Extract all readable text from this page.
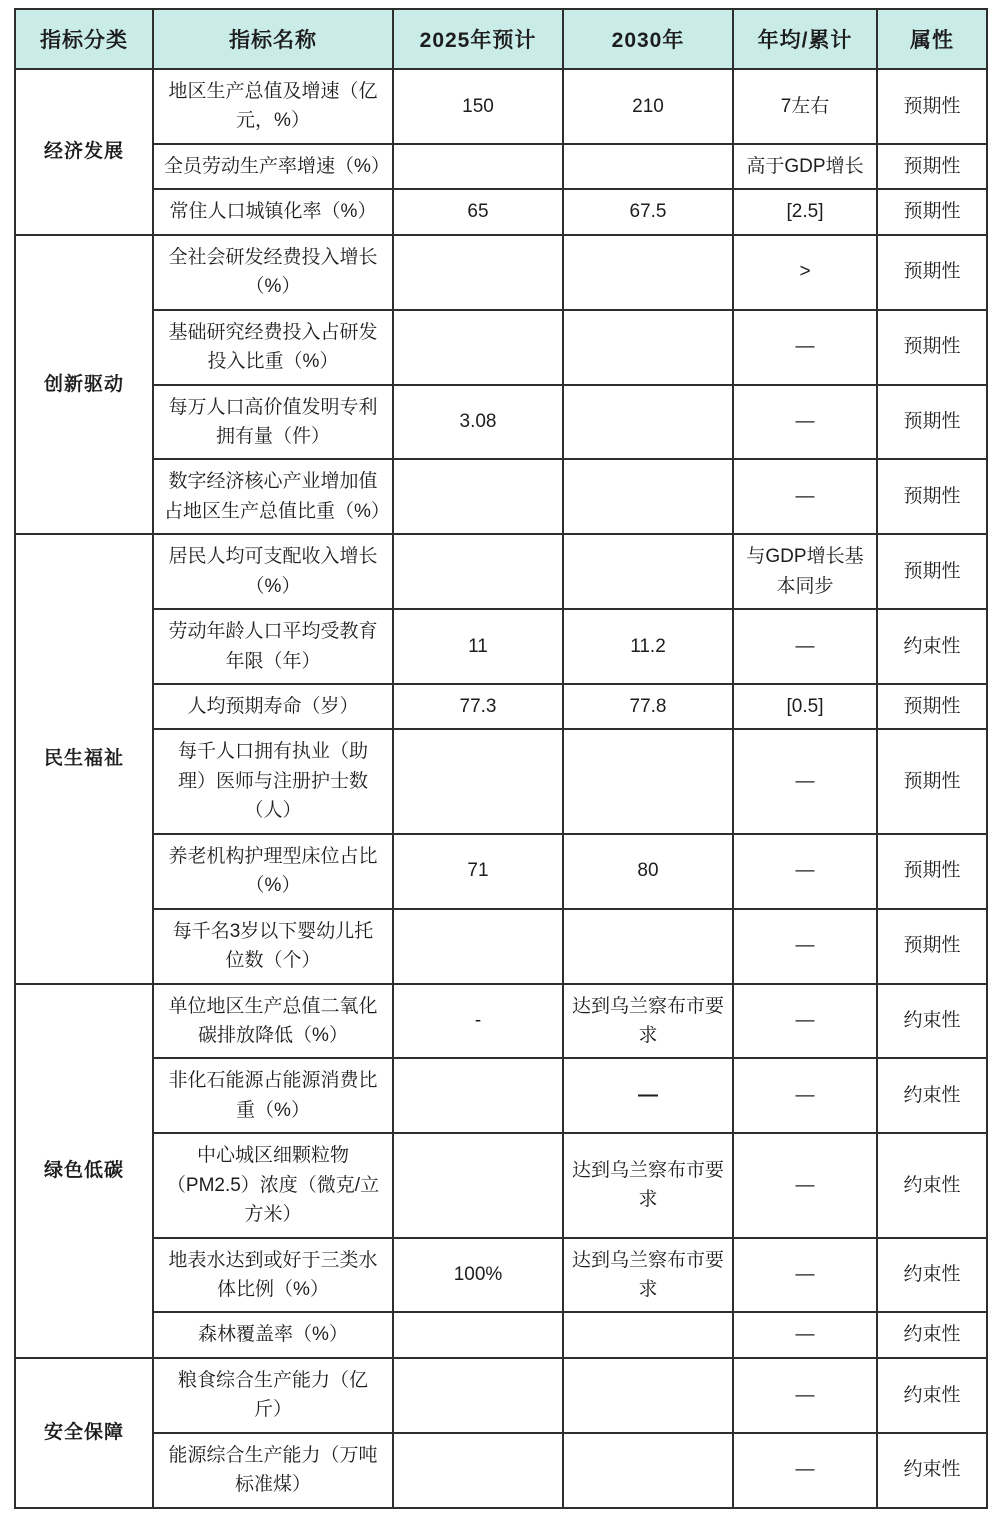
指标分类	指标名称	2025年预计	2030年	年均/累计	属性
经济发展	地区生产总值及增速（亿元，%）	150	210	7左右	预期性
	全员劳动生产率增速（%）			高于GDP增长	预期性
	常住人口城镇化率（%）	65	67.5	[2.5]	预期性
创新驱动	全社会研发经费投入增长（%）			>	预期性
	基础研究经费投入占研发投入比重（%）			—	预期性
	每万人口高价值发明专利拥有量（件）	3.08		—	预期性
	数字经济核心产业增加值占地区生产总值比重（%）			—	预期性
民生福祉	居民人均可支配收入增长（%）			与GDP增长基本同步	预期性
	劳动年龄人口平均受教育年限（年）	11	11.2	—	约束性
	人均预期寿命（岁）	77.3	77.8	[0.5]	预期性
	每千人口拥有执业（助理）医师与注册护士数（人）			—	预期性
	养老机构护理型床位占比（%）	71	80	—	预期性
	每千名3岁以下婴幼儿托位数（个）			—	预期性
绿色低碳	单位地区生产总值二氧化碳排放降低（%）	-	达到乌兰察布市要求	—	约束性
	非化石能源占能源消费比重（%）		—	—	约束性
	中心城区细颗粒物（PM2.5）浓度（微克/立方米）		达到乌兰察布市要求	—	约束性
	地表水达到或好于三类水体比例（%）	100%	达到乌兰察布市要求	—	约束性
	森林覆盖率（%）			—	约束性
安全保障	粮食综合生产能力（亿斤）			—	约束性
	能源综合生产能力（万吨标准煤）			—	约束性
